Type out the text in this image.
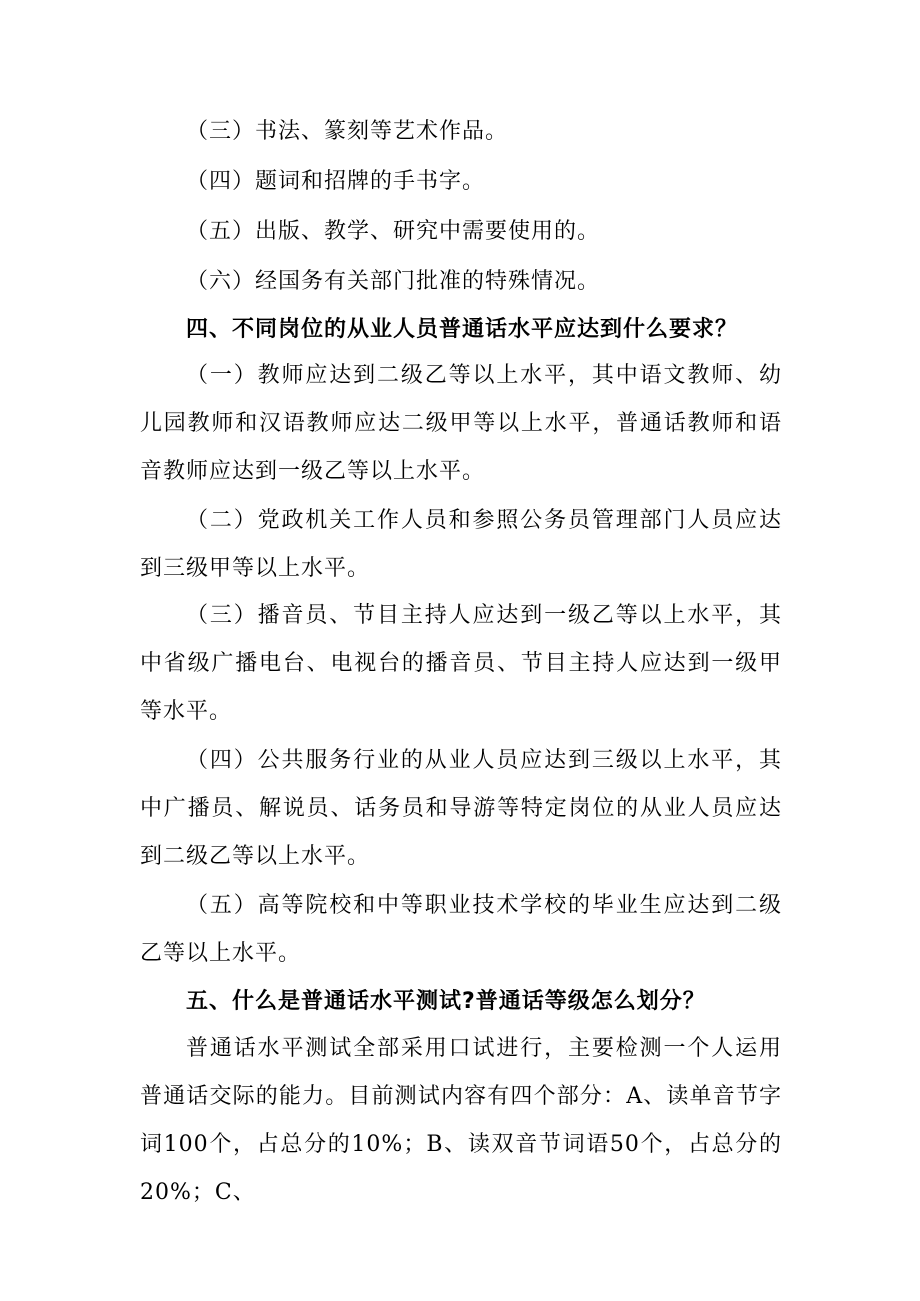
（三）书法、篆刻等艺术作品。

（四）题词和招牌的手书字。

（五）出版、教学、研究中需要使用的。

（六）经国务有关部门批准的特殊情况。

四、不同岗位的从业人员普通话水平应达到什么要求？

（一）教师应达到二级乙等以上水平，其中语文教师、幼儿园教师和汉语教师应达二级甲等以上水平，普通话教师和语音教师应达到一级乙等以上水平。

（二）党政机关工作人员和参照公务员管理部门人员应达到三级甲等以上水平。

（三）播音员、节目主持人应达到一级乙等以上水平，其中省级广播电台、电视台的播音员、节目主持人应达到一级甲等水平。

（四）公共服务行业的从业人员应达到三级以上水平，其中广播员、解说员、话务员和导游等特定岗位的从业人员应达到二级乙等以上水平。

（五）高等院校和中等职业技术学校的毕业生应达到二级乙等以上水平。

五、什么是普通话水平测试?普通话等级怎么划分？

普通话水平测试全部采用口试进行，主要检测一个人运用普通话交际的能力。目前测试内容有四个部分：A、读单音节字词100个，占总分的10%；B、读双音节词语50个，占总分的20%；C、
